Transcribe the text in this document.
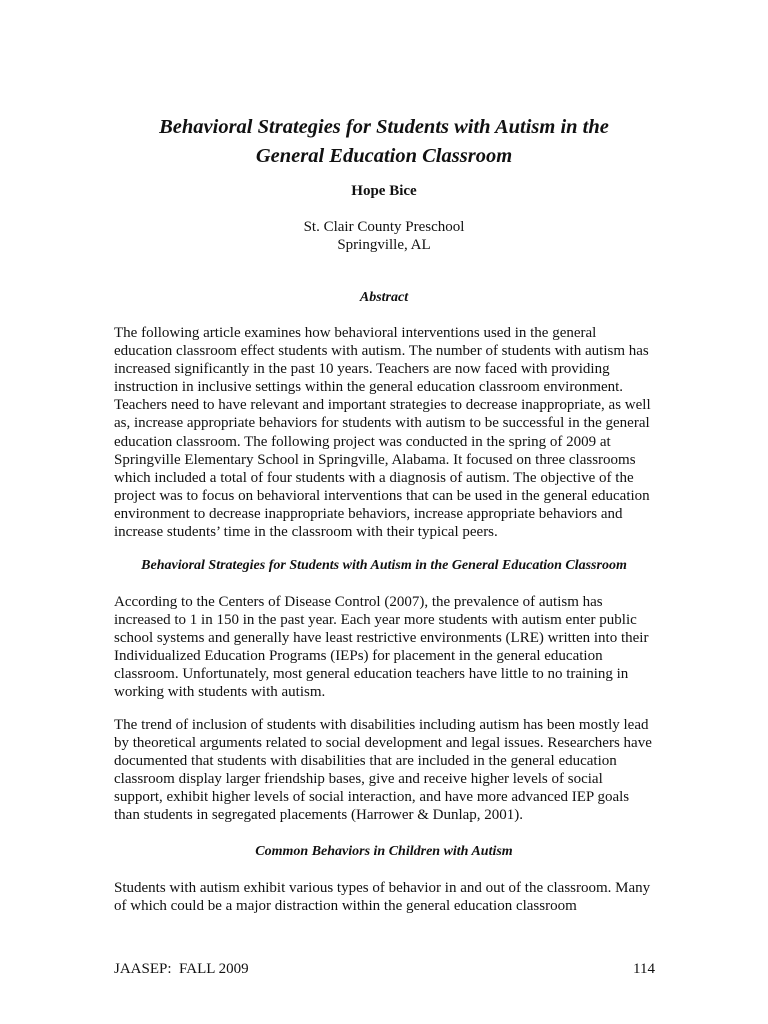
Behavioral Strategies for Students with Autism in the
General Education Classroom
Hope Bice
St. Clair County Preschool
Springville, AL
Abstract
The following article examines how behavioral interventions used in the general
education classroom effect students with autism. The number of students with autism has
increased significantly in the past 10 years. Teachers are now faced with providing
instruction in inclusive settings within the general education classroom environment.
Teachers need to have relevant and important strategies to decrease inappropriate, as well
as, increase appropriate behaviors for students with autism to be successful in the general
education classroom. The following project was conducted in the spring of 2009 at
Springville Elementary School in Springville, Alabama. It focused on three classrooms
which included a total of four students with a diagnosis of autism. The objective of the
project was to focus on behavioral interventions that can be used in the general education
environment to decrease inappropriate behaviors, increase appropriate behaviors and
increase students’ time in the classroom with their typical peers.
Behavioral Strategies for Students with Autism in the General Education Classroom
According to the Centers of Disease Control (2007), the prevalence of autism has
increased to 1 in 150 in the past year. Each year more students with autism enter public
school systems and generally have least restrictive environments (LRE) written into their
Individualized Education Programs (IEPs) for placement in the general education
classroom. Unfortunately, most general education teachers have little to no training in
working with students with autism.
The trend of inclusion of students with disabilities including autism has been mostly lead
by theoretical arguments related to social development and legal issues. Researchers have
documented that students with disabilities that are included in the general education
classroom display larger friendship bases, give and receive higher levels of social
support, exhibit higher levels of social interaction, and have more advanced IEP goals
than students in segregated placements (Harrower & Dunlap, 2001).
Common Behaviors in Children with Autism
Students with autism exhibit various types of behavior in and out of the classroom. Many
of which could be a major distraction within the general education classroom
JAASEP:  FALL 2009	114
